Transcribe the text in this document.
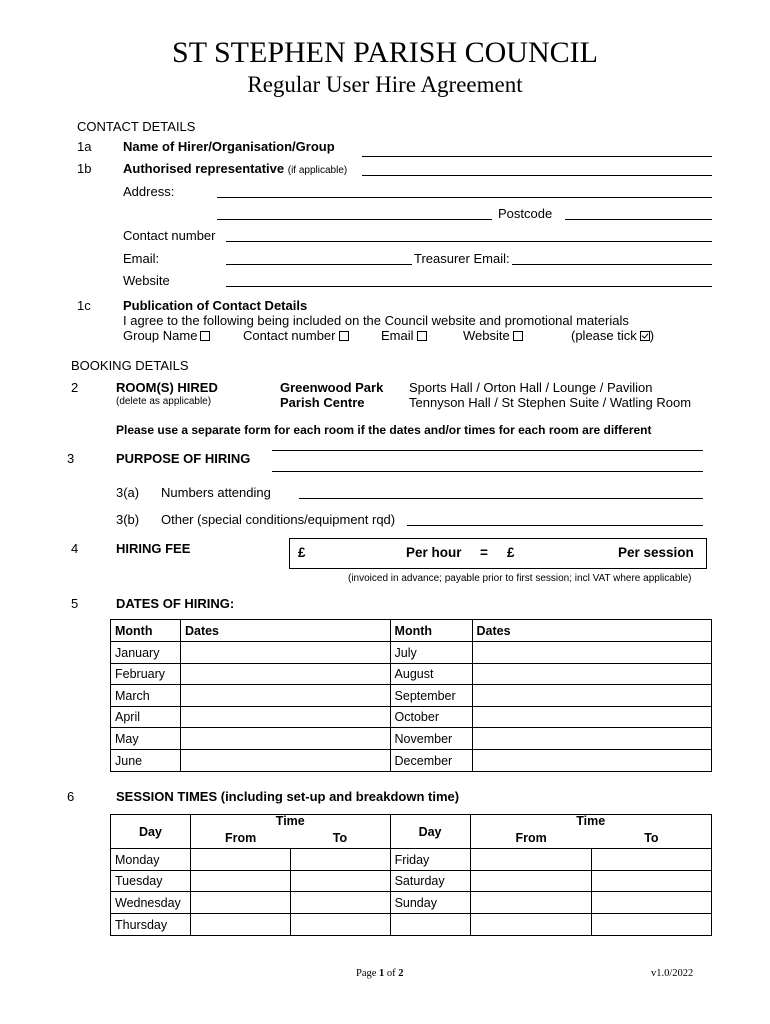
ST STEPHEN PARISH COUNCIL
Regular User Hire Agreement
CONTACT DETAILS
1a Name of Hirer/Organisation/Group
1b Authorised representative (if applicable)
Address:
Postcode
Contact number
Email:	Treasurer Email:
Website
1c Publication of Contact Details
I agree to the following being included on the Council website and promotional materials
Group Name	Contact number	Email	Website	(please tick )
BOOKING DETAILS
2	ROOM(S) HIRED
(delete as applicable)
Greenwood Park
Parish Centre
Sports Hall / Orton Hall / Lounge / Pavilion
Tennyson Hall / St Stephen Suite / Watling Room
Please use a separate form for each room if the dates and/or times for each room are different
3	PURPOSE OF HIRING
3(a) Numbers attending
3(b) Other (special conditions/equipment rqd)
4	HIRING FEE	£	Per hour = £	Per session
(invoiced in advance; payable prior to first session; incl VAT where applicable)
5	DATES OF HIRING:
Month	Dates	Month	Dates
January		July	
February		August	
March		September	
April		October	
May		November	
June		December	
6	SESSION TIMES (including set-up and breakdown time)
Day	Time		Day	Time	
	From	To		From	To
Monday			Friday		
Tuesday			Saturday		
Wednesday			Sunday		
Thursday					
Page 1 of 2	v1.0/2022
